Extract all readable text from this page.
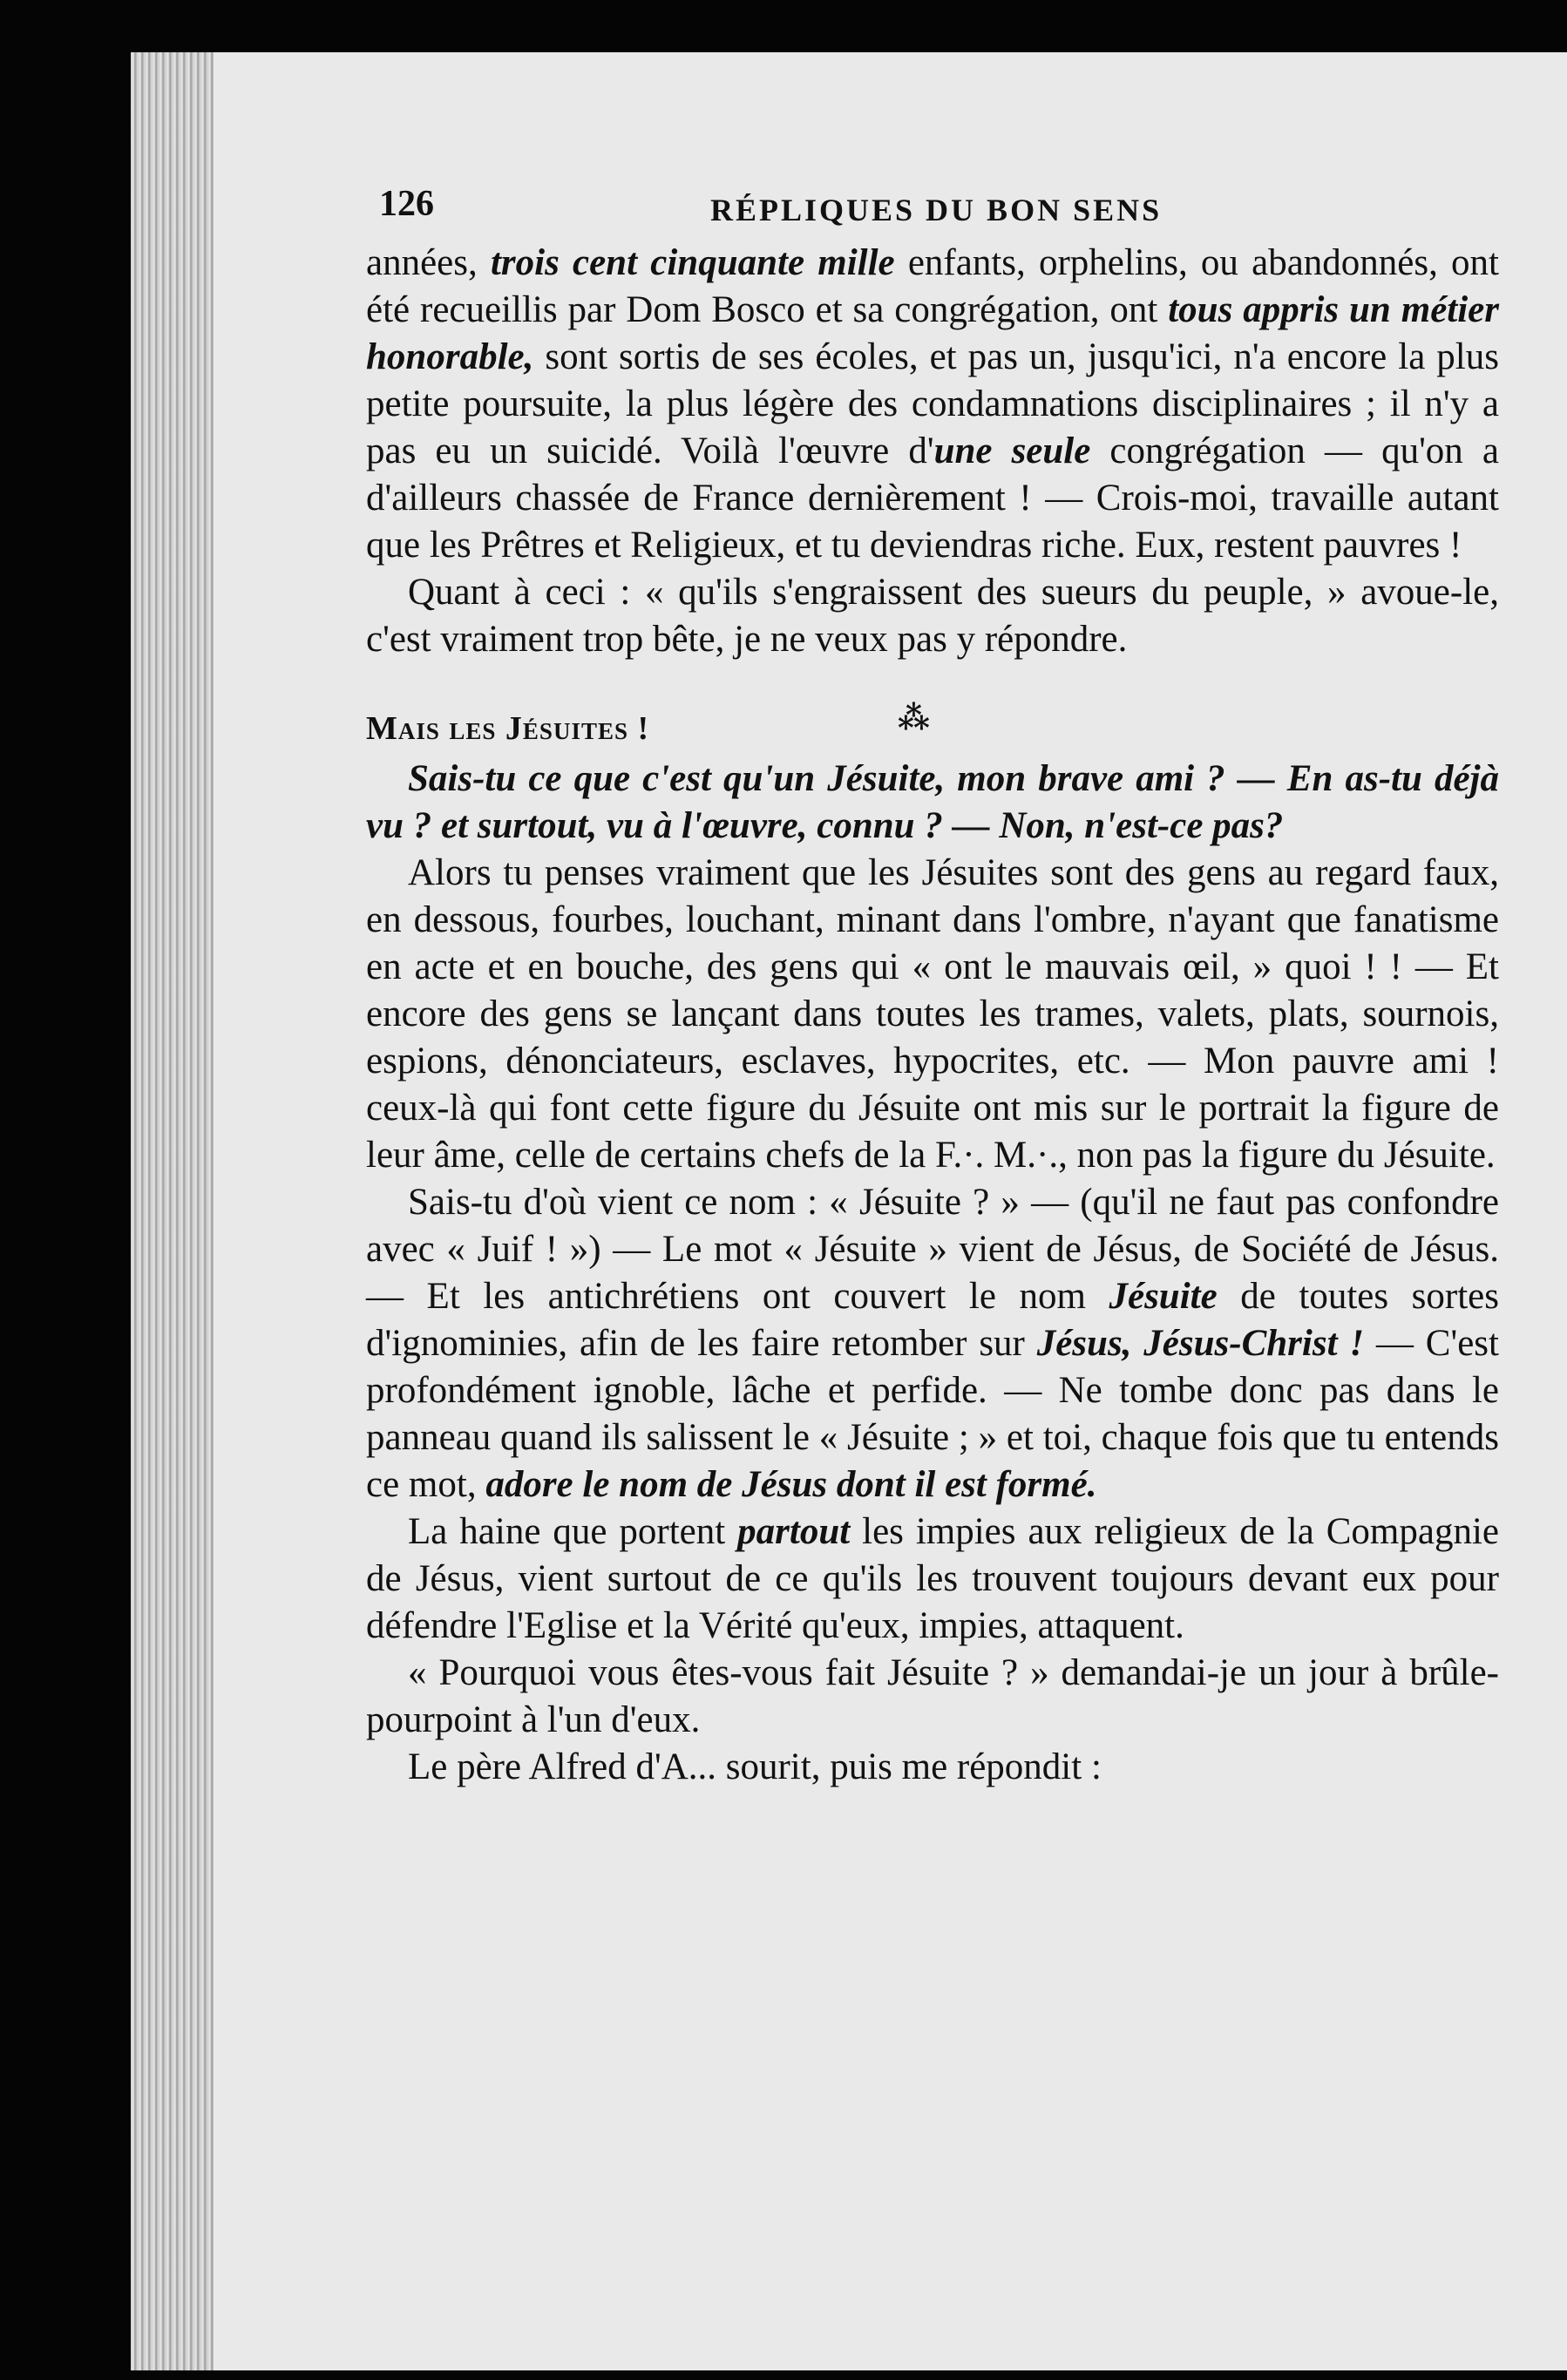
126	RÉPLIQUES DU BON SENS

années, trois cent cinquante mille enfants, orphelins, ou abandonnés, ont été recueillis par Dom Bosco et sa congrégation, ont tous appris un métier honorable, sont sortis de ses écoles, et pas un, jusqu'ici, n'a encore la plus petite poursuite, la plus légère des condamnations disciplinaires ; il n'y a pas eu un suicidé. Voilà l'œuvre d'une seule congrégation — qu'on a d'ailleurs chassée de France dernièrement ! — Crois-moi, travaille autant que les Prêtres et Religieux, et tu deviendras riche. Eux, restent pauvres !

Quant à ceci : « qu'ils s'engraissent des sueurs du peuple, » avoue-le, c'est vraiment trop bête, je ne veux pas y répondre.

Mais les Jésuites !	⁂

Sais-tu ce que c'est qu'un Jésuite, mon brave ami ? — En as-tu déjà vu ? et surtout, vu à l'œuvre, connu ? — Non, n'est-ce pas?

Alors tu penses vraiment que les Jésuites sont des gens au regard faux, en dessous, fourbes, louchant, minant dans l'ombre, n'ayant que fanatisme en acte et en bouche, des gens qui « ont le mauvais œil, » quoi ! ! — Et encore des gens se lançant dans toutes les trames, valets, plats, sournois, espions, dénonciateurs, esclaves, hypocrites, etc. — Mon pauvre ami ! ceux-là qui font cette figure du Jésuite ont mis sur le portrait la figure de leur âme, celle de certains chefs de la F.·. M.·., non pas la figure du Jésuite.

Sais-tu d'où vient ce nom : « Jésuite ? » — (qu'il ne faut pas confondre avec « Juif ! ») — Le mot « Jésuite » vient de Jésus, de Société de Jésus. — Et les antichrétiens ont couvert le nom Jésuite de toutes sortes d'ignominies, afin de les faire retomber sur Jésus, Jésus-Christ ! — C'est profondément ignoble, lâche et perfide. — Ne tombe donc pas dans le panneau quand ils salissent le « Jésuite ; » et toi, chaque fois que tu entends ce mot, adore le nom de Jésus dont il est formé.

La haine que portent partout les impies aux religieux de la Compagnie de Jésus, vient surtout de ce qu'ils les trouvent toujours devant eux pour défendre l'Eglise et la Vérité qu'eux, impies, attaquent.

« Pourquoi vous êtes-vous fait Jésuite ? » demandai-je un jour à brûle-pourpoint à l'un d'eux.

Le père Alfred d'A... sourit, puis me répondit :
